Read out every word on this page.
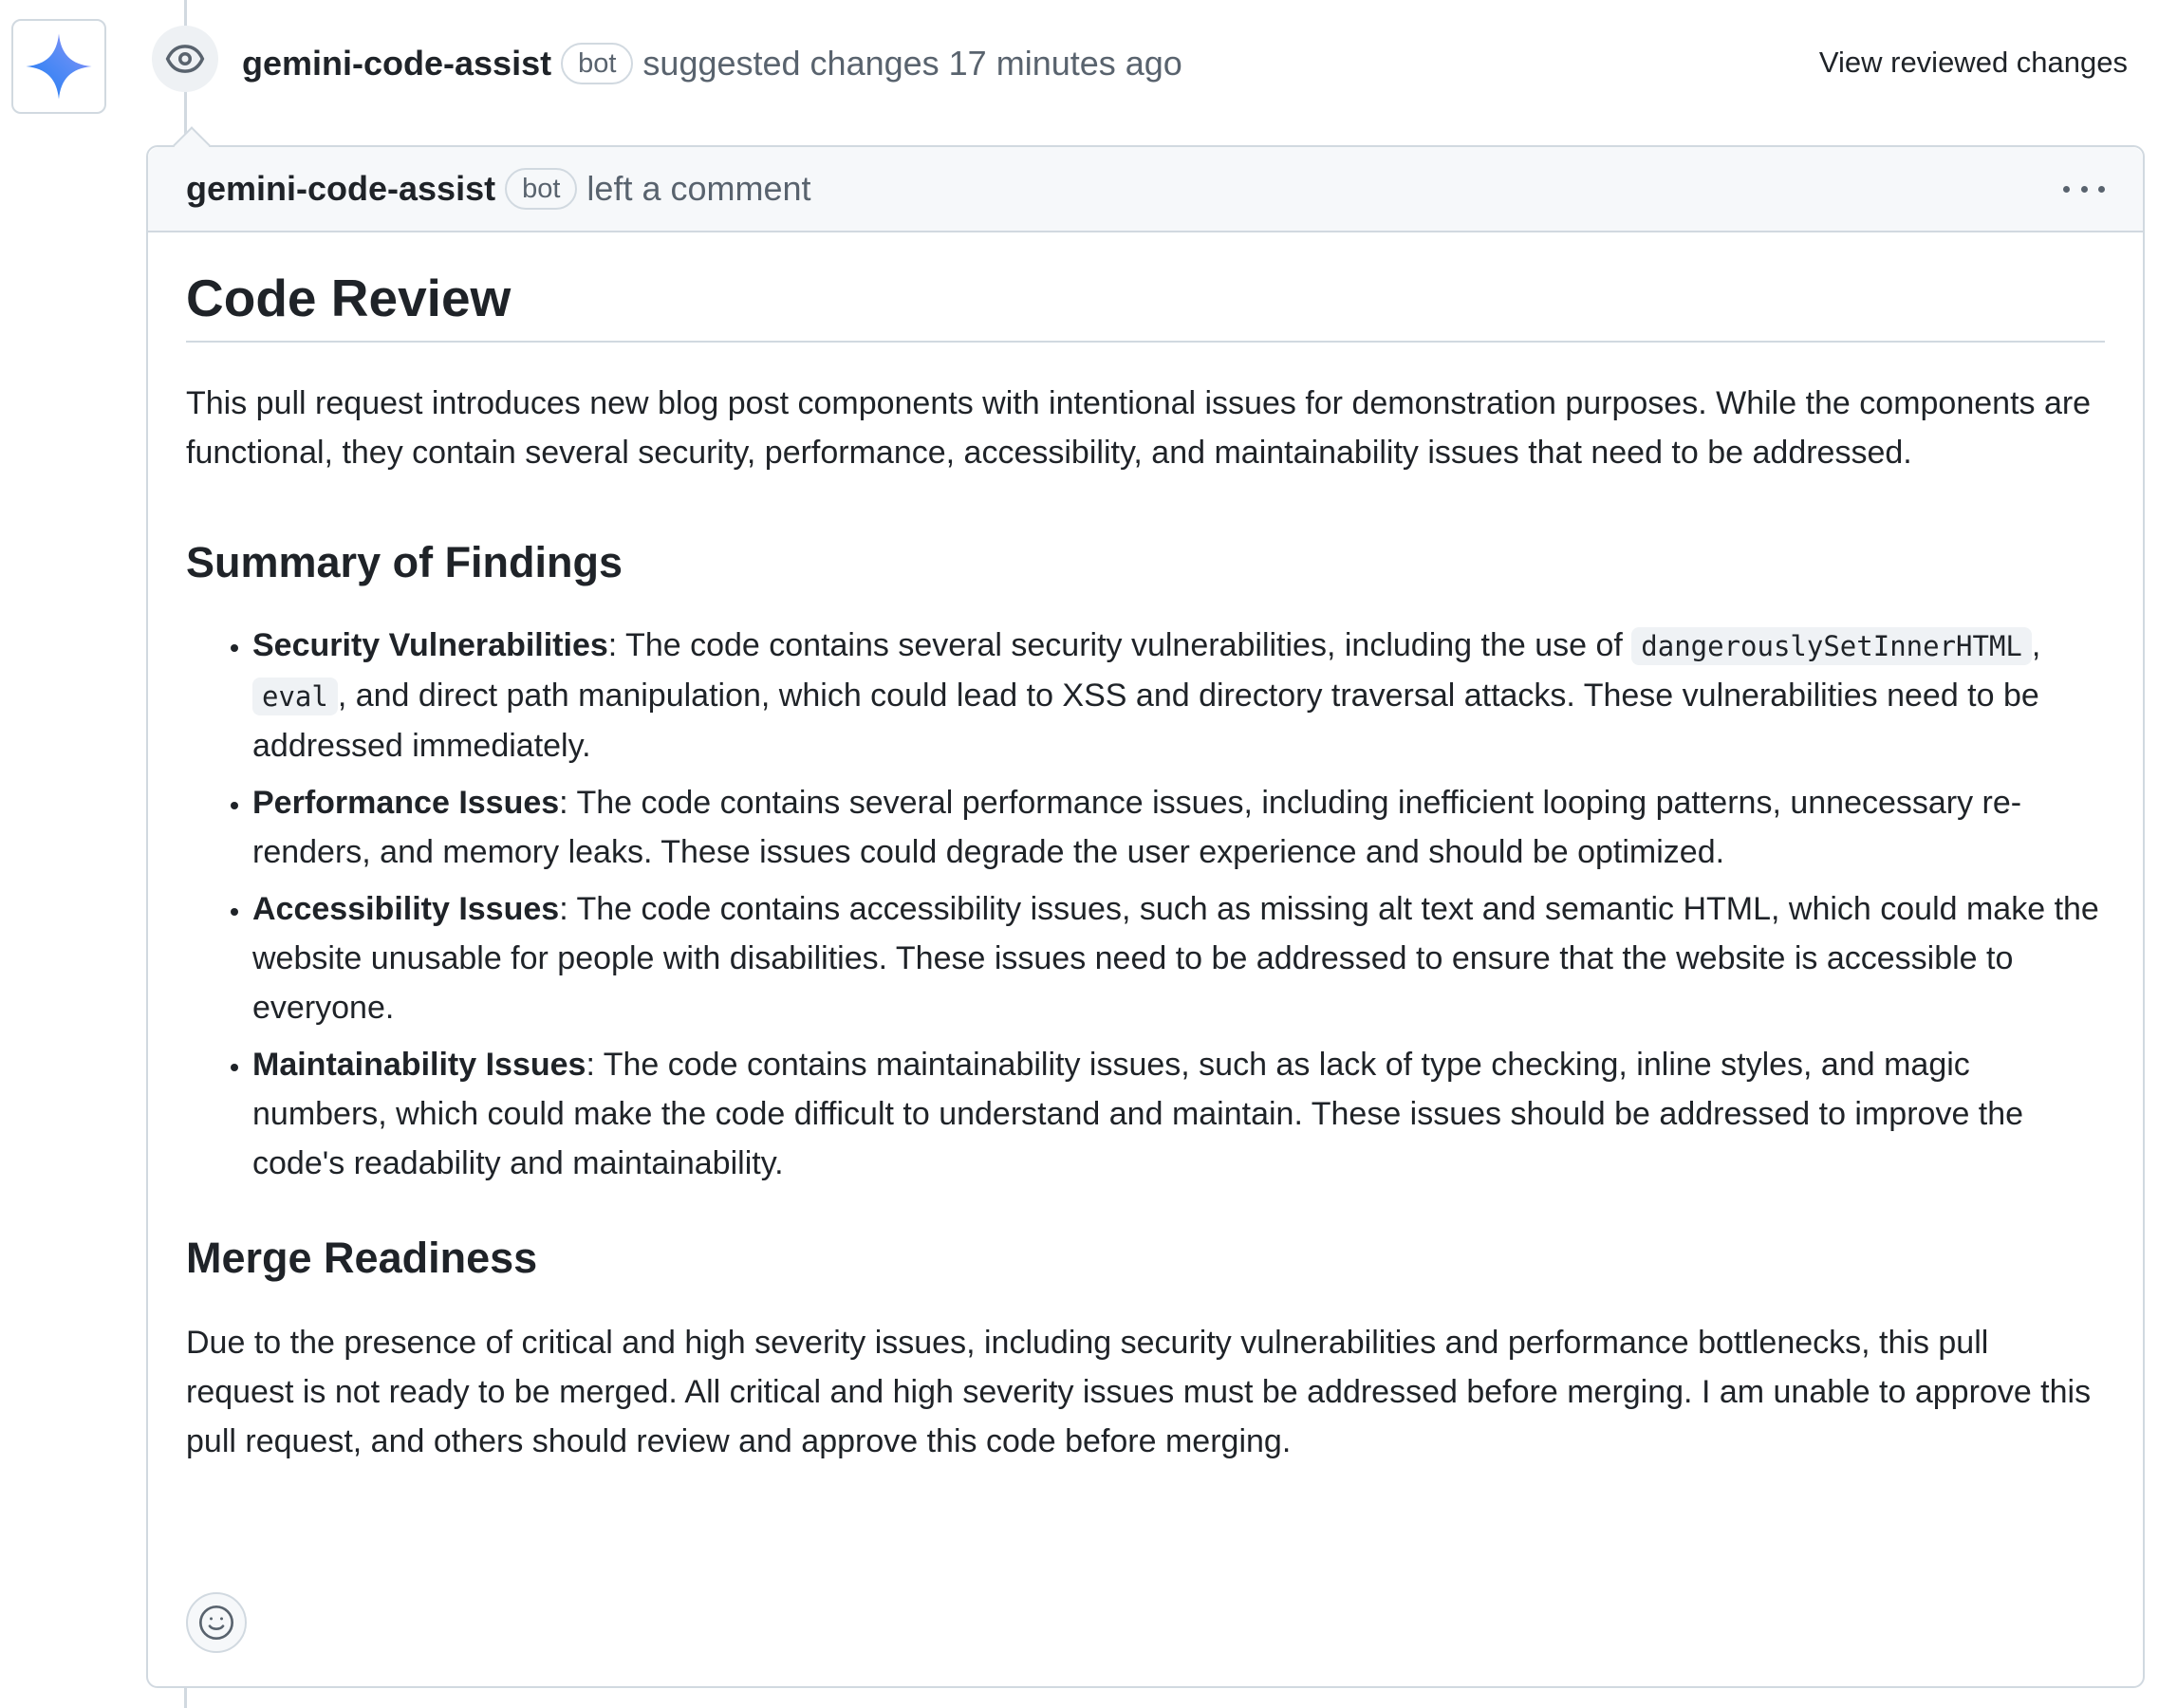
gemini-code-assist bot suggested changes 17 minutes ago	View reviewed changes
gemini-code-assist bot left a comment
Code Review

This pull request introduces new blog post components with intentional issues for demonstration purposes. While the components are functional, they contain several security, performance, accessibility, and maintainability issues that need to be addressed.

Summary of Findings
• Security Vulnerabilities: The code contains several security vulnerabilities, including the use of dangerouslySetInnerHTML , eval , and direct path manipulation, which could lead to XSS and directory traversal attacks. These vulnerabilities need to be addressed immediately.
• Performance Issues: The code contains several performance issues, including inefficient looping patterns, unnecessary re-renders, and memory leaks. These issues could degrade the user experience and should be optimized.
• Accessibility Issues: The code contains accessibility issues, such as missing alt text and semantic HTML, which could make the website unusable for people with disabilities. These issues need to be addressed to ensure that the website is accessible to everyone.
• Maintainability Issues: The code contains maintainability issues, such as lack of type checking, inline styles, and magic numbers, which could make the code difficult to understand and maintain. These issues should be addressed to improve the code's readability and maintainability.
Merge Readiness

Due to the presence of critical and high severity issues, including security vulnerabilities and performance bottlenecks, this pull request is not ready to be merged. All critical and high severity issues must be addressed before merging. I am unable to approve this pull request, and others should review and approve this code before merging.
